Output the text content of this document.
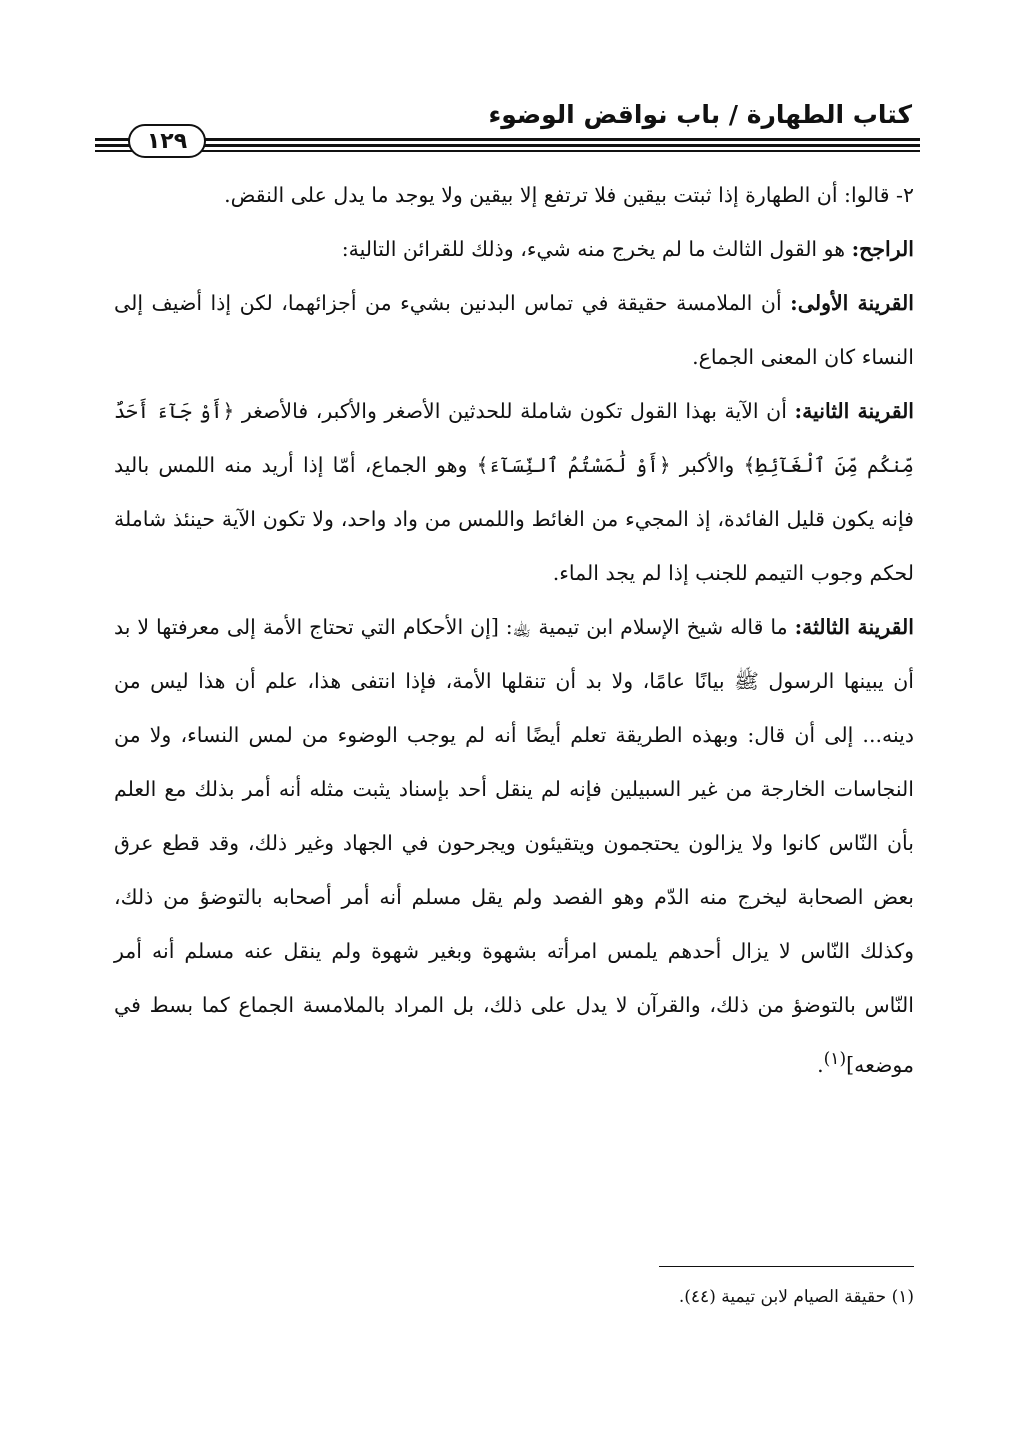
كتاب الطهارة / باب نواقض الوضوء
١٢٩

٢- قالوا: أن الطهارة إذا ثبتت بيقين فلا ترتفع إلا بيقين ولا يوجد ما يدل على النقض.

الراجح: هو القول الثالث ما لم يخرج منه شيء، وذلك للقرائن التالية:

القرينة الأولى: أن الملامسة حقيقة في تماس البدنين بشيء من أجزائهما، لكن إذا أضيف إلى النساء كان المعنى الجماع.

القرينة الثانية: أن الآية بهذا القول تكون شاملة للحدثين الأصغر والأكبر، فالأصغر ﴿أَوْ جَآءَ أَحَدٌ مِّنكُم مِّنَ ٱلْغَآئِطِ﴾ والأكبر ﴿أَوْ لَٰمَسْتُمُ ٱلنِّسَآءَ﴾ وهو الجماع، أمّا إذا أريد منه اللمس باليد فإنه يكون قليل الفائدة، إذ المجيء من الغائط واللمس من واد واحد، ولا تكون الآية حينئذ شاملة لحكم وجوب التيمم للجنب إذا لم يجد الماء.

القرينة الثالثة: ما قاله شيخ الإسلام ابن تيمية ﵀: [إن الأحكام التي تحتاج الأمة إلى معرفتها لا بد أن يبينها الرسول ﷺ بيانًا عامًا، ولا بد أن تنقلها الأمة، فإذا انتفى هذا، علم أن هذا ليس من دينه... إلى أن قال: وبهذه الطريقة تعلم أيضًا أنه لم يوجب الوضوء من لمس النساء، ولا من النجاسات الخارجة من غير السبيلين فإنه لم ينقل أحد بإسناد يثبت مثله أنه أمر بذلك مع العلم بأن النّاس كانوا ولا يزالون يحتجمون ويتقيئون ويجرحون في الجهاد وغير ذلك، وقد قطع عرق بعض الصحابة ليخرج منه الدّم وهو الفصد ولم يقل مسلم أنه أمر أصحابه بالتوضؤ من ذلك، وكذلك النّاس لا يزال أحدهم يلمس امرأته بشهوة وبغير شهوة ولم ينقل عنه مسلم أنه أمر النّاس بالتوضؤ من ذلك، والقرآن لا يدل على ذلك، بل المراد بالملامسة الجماع كما بسط في موضعه]$^{(١)}$.

(١) حقيقة الصيام لابن تيمية (٤٤).
